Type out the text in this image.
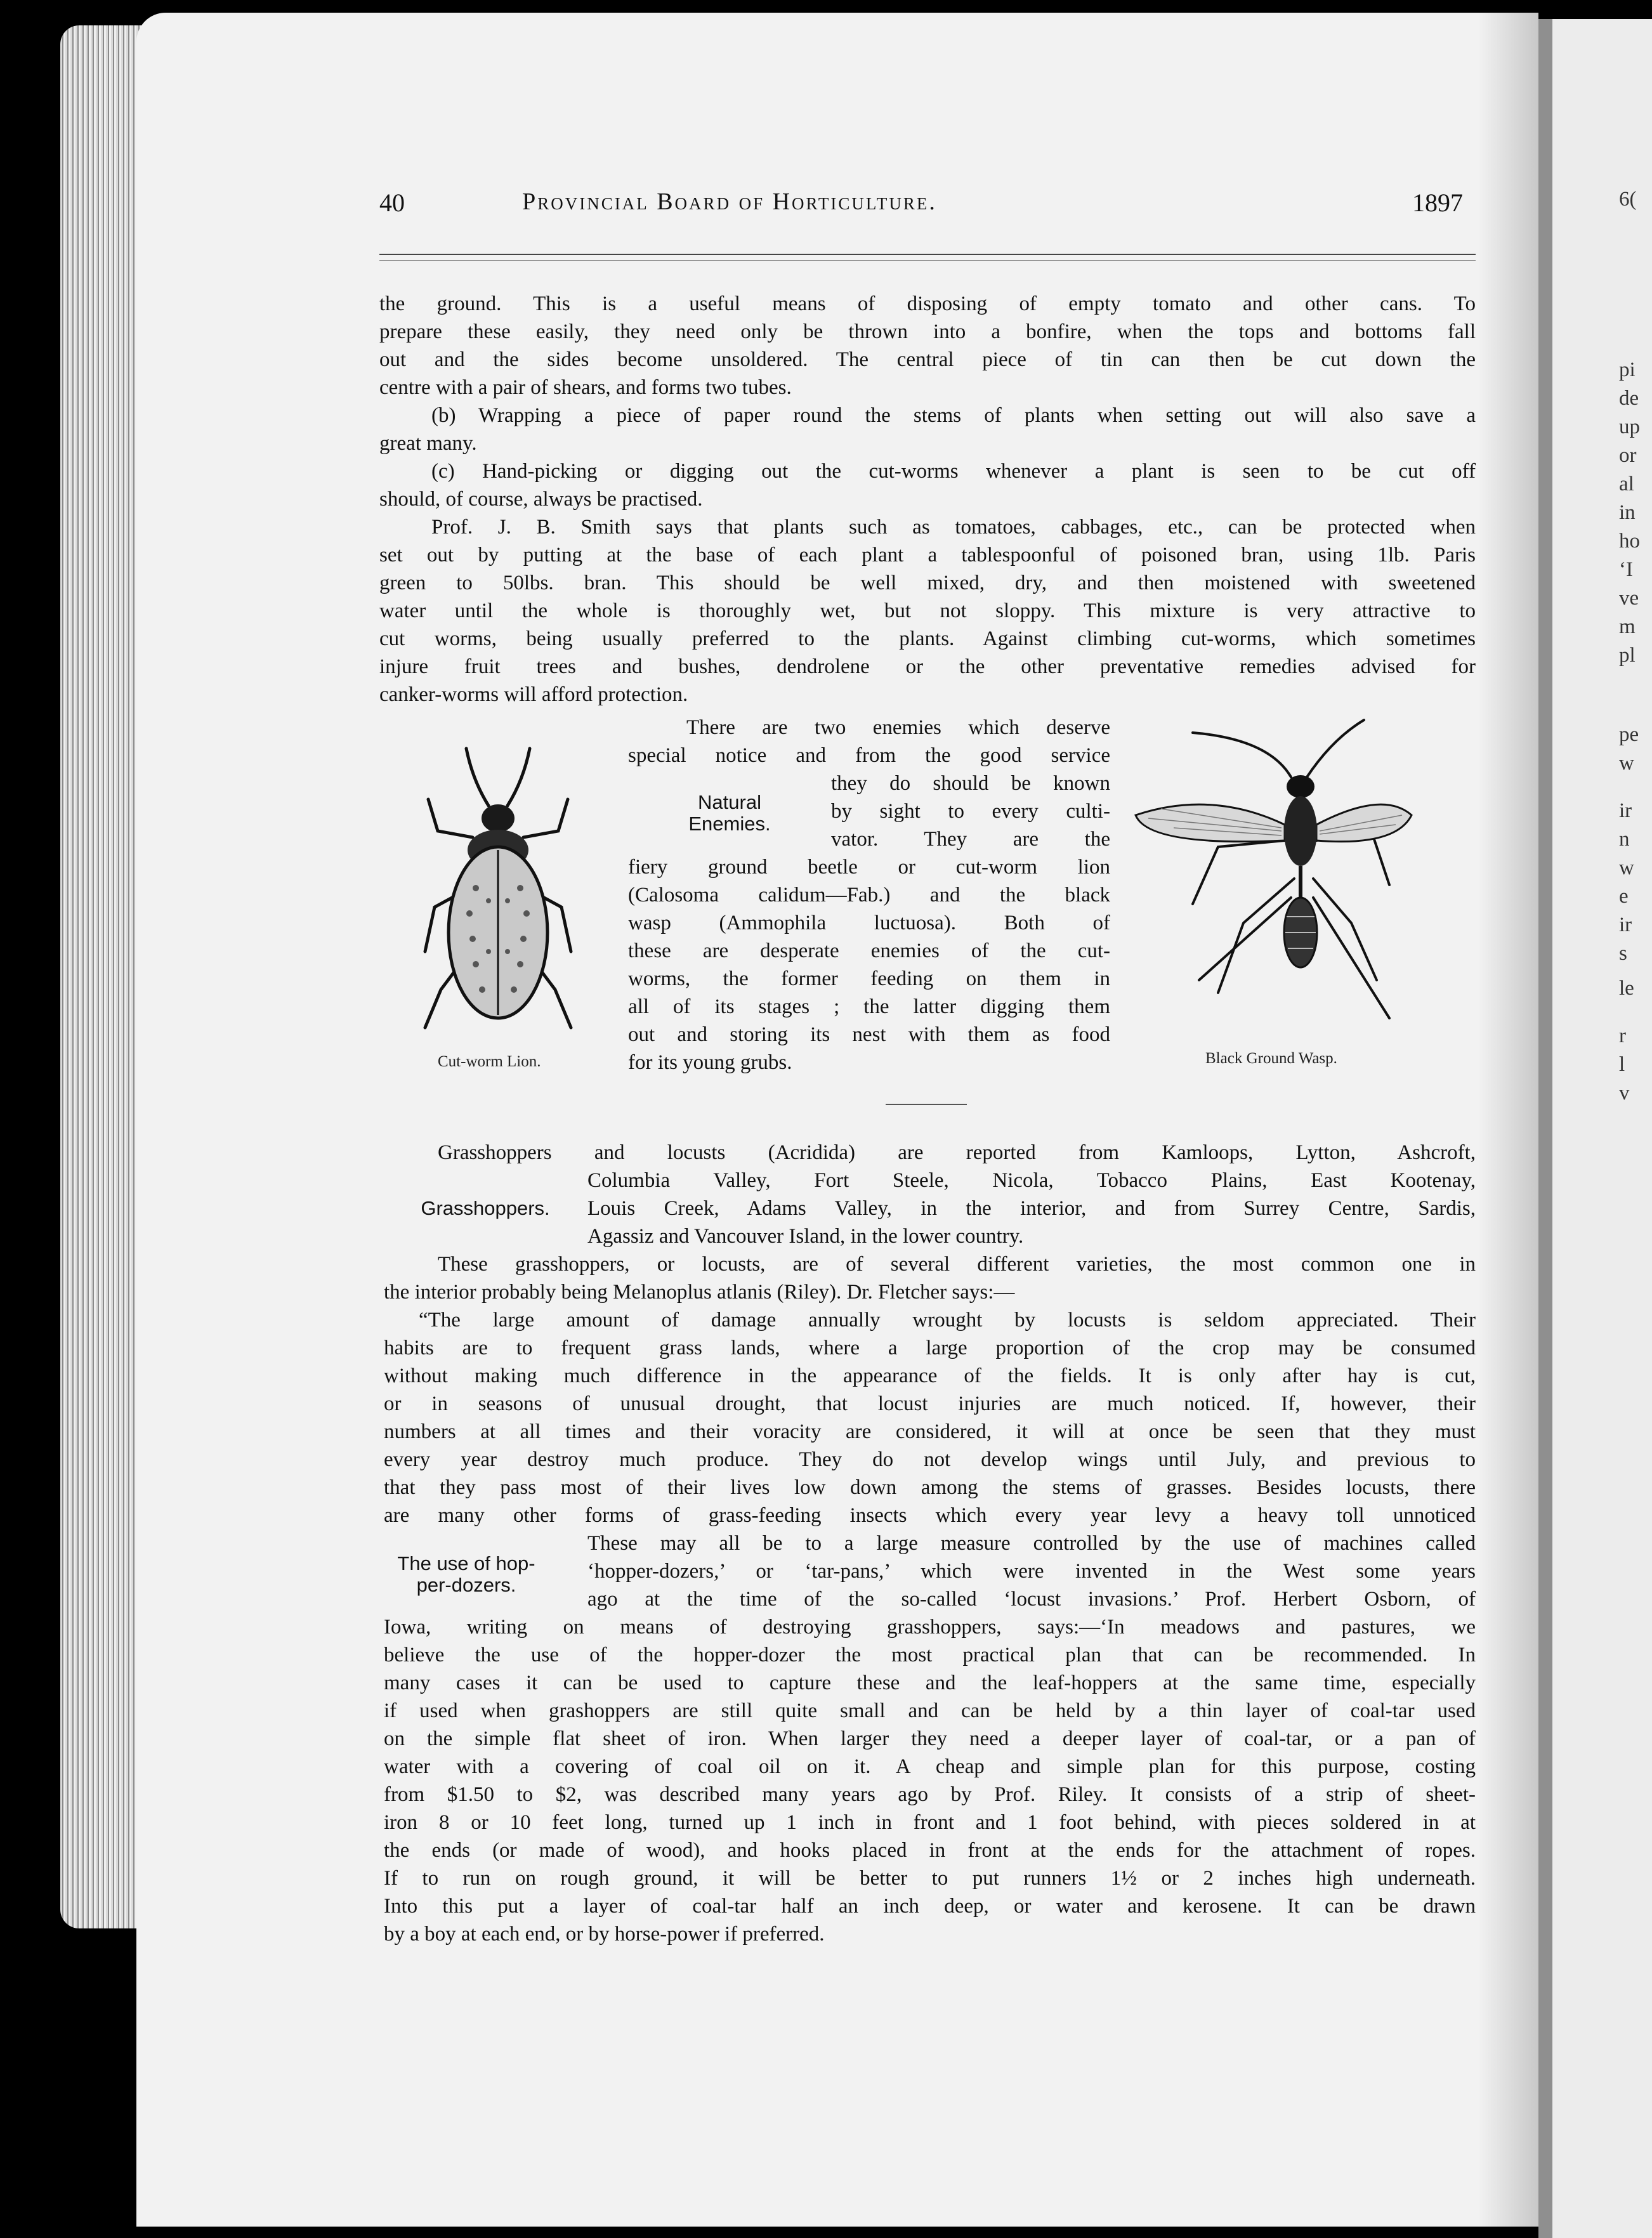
6(
pi
de
up
or
al
in
ho
‘I
ve
m
pl
pe
w
ir
n
w
e
ir
s
le
r
l
v
40	Provincial Board of Horticulture.	1897
the ground. This is a useful means of disposing of empty tomato and other cans. To
prepare these easily, they need only be thrown into a bonfire, when the tops and bottoms fall
out and the sides become unsoldered. The central piece of tin can then be cut down the
centre with a pair of shears, and forms two tubes.
(b) Wrapping a piece of paper round the stems of plants when setting out will also save a
great many.
(c) Hand-picking or digging out the cut-worms whenever a plant is seen to be cut off
should, of course, always be practised.
Prof. J. B. Smith says that plants such as tomatoes, cabbages, etc., can be protected when
set out by putting at the base of each plant a tablespoonful of poisoned bran, using 1lb. Paris
green to 50lbs. bran. This should be well mixed, dry, and then moistened with sweetened
water until the whole is thoroughly wet, but not sloppy. This mixture is very attractive to
cut worms, being usually preferred to the plants. Against climbing cut-worms, which sometimes
injure fruit trees and bushes, dendrolene or the other preventative remedies advised for
canker-worms will afford protection.
Cut-worm Lion.
Natural Enemies.
There are two enemies which deserve
special notice and from the good service
they do should be known
by sight to every culti-
vator. They are the
fiery ground beetle or cut-worm lion
(Calosoma calidum—Fab.) and the black
wasp (Ammophila luctuosa). Both of
these are desperate enemies of the cut-
worms, the former feeding on them in
all of its stages ; the latter digging them
out and storing its nest with them as food
for its young grubs.	Black Ground Wasp.
Grasshoppers.
Grasshoppers and locusts (Acridida) are reported from Kamloops, Lytton, Ashcroft,
Columbia Valley, Fort Steele, Nicola, Tobacco Plains, East Kootenay,
Louis Creek, Adams Valley, in the interior, and from Surrey Centre, Sardis,
Agassiz and Vancouver Island, in the lower country.
These grasshoppers, or locusts, are of several different varieties, the most common one in
the interior probably being Melanoplus atlanis (Riley). Dr. Fletcher says:—
“The large amount of damage annually wrought by locusts is seldom appreciated. Their
habits are to frequent grass lands, where a large proportion of the crop may be consumed
without making much difference in the appearance of the fields. It is only after hay is cut,
or in seasons of unusual drought, that locust injuries are much noticed. If, however, their
numbers at all times and their voracity are considered, it will at once be seen that they must
every year destroy much produce. They do not develop wings until July, and previous to
that they pass most of their lives low down among the stems of grasses. Besides locusts, there
are many other forms of grass-feeding insects which every year levy a heavy toll unnoticed
The use of hop-per-dozers.
These may all be to a large measure controlled by the use of machines called
‘hopper-dozers,’ or ‘tar-pans,’ which were invented in the West some years
ago at the time of the so-called ‘locust invasions.’ Prof. Herbert Osborn, of
Iowa, writing on means of destroying grasshoppers, says:—‘In meadows and pastures, we
believe the use of the hopper-dozer the most practical plan that can be recommended. In
many cases it can be used to capture these and the leaf-hoppers at the same time, especially
if used when grashoppers are still quite small and can be held by a thin layer of coal-tar used
on the simple flat sheet of iron. When larger they need a deeper layer of coal-tar, or a pan of
water with a covering of coal oil on it. A cheap and simple plan for this purpose, costing
from $1.50 to $2, was described many years ago by Prof. Riley. It consists of a strip of sheet-
iron 8 or 10 feet long, turned up 1 inch in front and 1 foot behind, with pieces soldered in at
the ends (or made of wood), and hooks placed in front at the ends for the attachment of ropes.
If to run on rough ground, it will be better to put runners 1½ or 2 inches high underneath.
Into this put a layer of coal-tar half an inch deep, or water and kerosene. It can be drawn
by a boy at each end, or by horse-power if preferred.
